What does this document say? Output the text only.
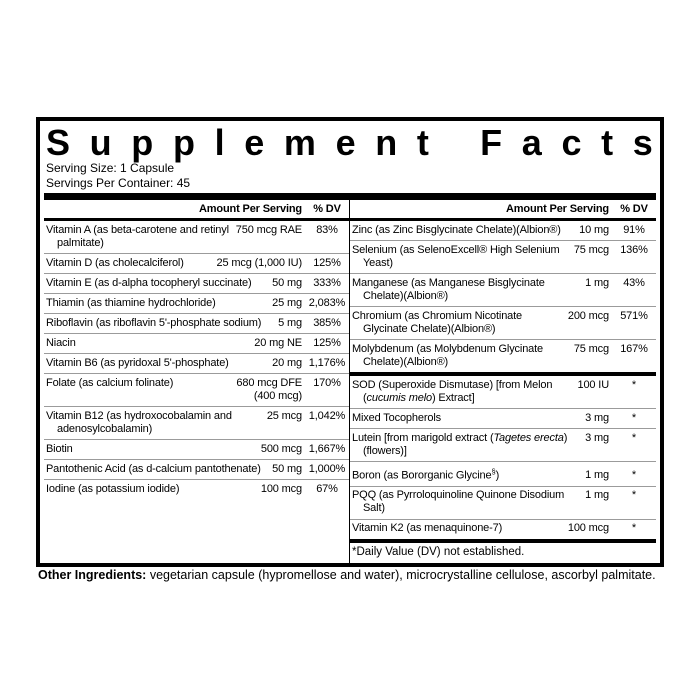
S u p p l e m e n t F a c t s
Serving Size: 1 Capsule
Servings Per Container: 45
Amount Per Serving	% DV
Vitamin A (as beta-carotene and retinyl palmitate)
750 mcg RAE	83%
Vitamin D (as cholecalciferol)	25 mcg (1,000 IU)	125%
Vitamin E (as d-alpha tocopheryl succinate)	50 mg	333%
Thiamin (as thiamine hydrochloride)	25 mg 2,083%
Riboflavin (as riboflavin 5'-phosphate sodium)	5 mg	385%
Niacin	20 mg NE	125%
Vitamin B6 (as pyridoxal 5'-phosphate)	20 mg 1,176%
Folate (as calcium folinate)	680 mcg DFE (400 mcg)
170%
Vitamin B12 (as hydroxocobalamin and adenosylcobalamin)
25 mcg 1,042%
Biotin	500 mcg 1,667%
Pantothenic Acid (as d-calcium pantothenate)	50 mg 1,000%
Iodine (as potassium iodide)	100 mcg	67%
Amount Per Serving	% DV
Zinc (as Zinc Bisglycinate Chelate)(Albion®)	10 mg	91%
Selenium (as SelenoExcell® High Selenium Yeast)
75 mcg	136%
Manganese (as Manganese Bisglycinate Chelate)(Albion®)
1 mg	43%
Chromium (as Chromium Nicotinate Glycinate Chelate)(Albion®)
200 mcg	571%
Molybdenum (as Molybdenum Glycinate Chelate)(Albion®)
75 mcg	167%
SOD (Superoxide Dismutase) [from Melon (cucumis melo) Extract]
100 IU	*
Mixed Tocopherols	3 mg	*
Lutein [from marigold extract (Tagetes erecta)(flowers)]
3 mg	*
Boron (as Bororganic Glycine§)	1 mg	*
PQQ (as Pyrroloquinoline Quinone Disodium Salt)
1 mg	*
Vitamin K2 (as menaquinone-7)	100 mcg	*
*Daily Value (DV) not established.

Other Ingredients: vegetarian capsule (hypromellose and water), microcrystalline cellulose, ascorbyl palmitate.
